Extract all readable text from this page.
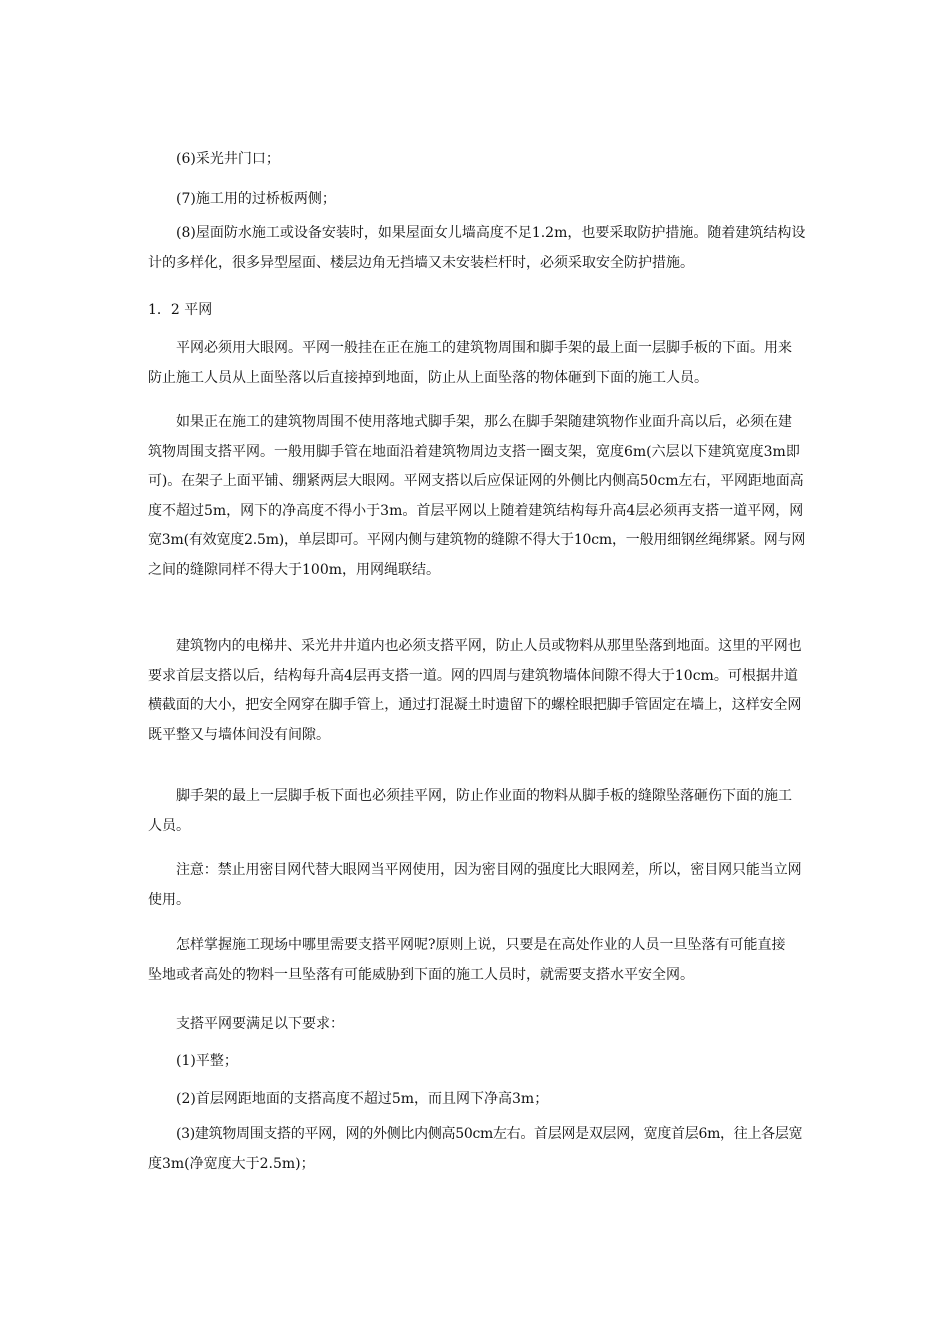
(6)采光井门口；

(7)施工用的过桥板两侧；

(8)屋面防水施工或设备安装时，如果屋面女儿墙高度不足1.2m，也要采取防护措施。随着建筑结构设
计的多样化，很多异型屋面、楼层边角无挡墙又未安装栏杆时，必须采取安全防护措施。

1．2 平网

平网必须用大眼网。平网一般挂在正在施工的建筑物周围和脚手架的最上面一层脚手板的下面。用来
防止施工人员从上面坠落以后直接掉到地面，防止从上面坠落的物体砸到下面的施工人员。

如果正在施工的建筑物周围不使用落地式脚手架，那么在脚手架随建筑物作业面升高以后，必须在建
筑物周围支搭平网。一般用脚手管在地面沿着建筑物周边支搭一圈支架，宽度6m(六层以下建筑宽度3m即
可)。在架子上面平铺、绷紧两层大眼网。平网支搭以后应保证网的外侧比内侧高50cm左右，平网距地面高
度不超过5m，网下的净高度不得小于3m。首层平网以上随着建筑结构每升高4层必须再支搭一道平网，网
宽3m(有效宽度2.5m)，单层即可。平网内侧与建筑物的缝隙不得大于10cm，一般用细钢丝绳绑紧。网与网
之间的缝隙同样不得大于100m，用网绳联结。

建筑物内的电梯井、采光井井道内也必须支搭平网，防止人员或物料从那里坠落到地面。这里的平网也
要求首层支搭以后，结构每升高4层再支搭一道。网的四周与建筑物墙体间隙不得大于10cm。可根据井道
横截面的大小，把安全网穿在脚手管上，通过打混凝土时遗留下的螺栓眼把脚手管固定在墙上，这样安全网
既平整又与墙体间没有间隙。

脚手架的最上一层脚手板下面也必须挂平网，防止作业面的物料从脚手板的缝隙坠落砸伤下面的施工
人员。

注意：禁止用密目网代替大眼网当平网使用，因为密目网的强度比大眼网差，所以，密目网只能当立网
使用。

怎样掌握施工现场中哪里需要支搭平网呢?原则上说，只要是在高处作业的人员一旦坠落有可能直接
坠地或者高处的物料一旦坠落有可能威胁到下面的施工人员时，就需要支搭水平安全网。

支搭平网要满足以下要求：

(1)平整；

(2)首层网距地面的支搭高度不超过5m，而且网下净高3m；

(3)建筑物周围支搭的平网，网的外侧比内侧高50cm左右。首层网是双层网，宽度首层6m，往上各层宽
度3m(净宽度大于2.5m)；
